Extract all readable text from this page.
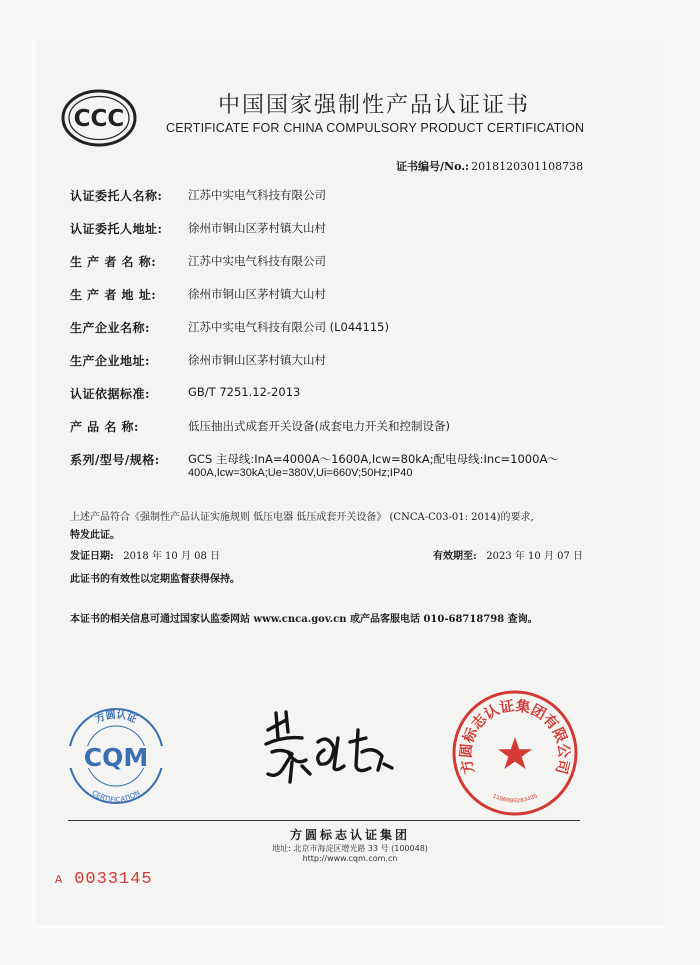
CCC
中国国家强制性产品认证证书
CERTIFICATE FOR CHINA COMPULSORY PRODUCT CERTIFICATION
证书编号/No.: 2018120301108738
认证委托人名称:	江苏中实电气科技有限公司
认证委托人地址:	徐州市铜山区茅村镇大山村
生 产 者 名 称:	江苏中实电气科技有限公司
生 产 者 地 址:	徐州市铜山区茅村镇大山村
生产企业名称:	江苏中实电气科技有限公司 (L044115)
生产企业地址:	徐州市铜山区茅村镇大山村
认证依据标准:	GB/T 7251.12-2013
产 品 名 称:	低压抽出式成套开关设备(成套电力开关和控制设备)
系列/型号/规格:	GCS 主母线:InA=4000A～1600A,Icw=80kA;配电母线:Inc=1000A～
400A,Icw=30kA;Ue=380V,Ui=660V;50Hz;IP40
上述产品符合《强制性产品认证实施规则 低压电器 低压成套开关设备》 (CNCA-C03-01: 2014)的要求,
特发此证。
发证日期: 2018 年 10 月 08 日	有效期至: 2023 年 10 月 07 日
此证书的有效性以定期监督获得保持。
本证书的相关信息可通过国家认监委网站 www.cnca.gov.cn 或产品客服电话 010-68718798 查询。
方圆认证
CQM
CERTIFICATION
方圆标志认证集团有限公司
1100000283435
方圆标志认证集团
地址: 北京市海淀区增光路 33 号 (100048)
http://www.cqm.com.cn
A 0033145
